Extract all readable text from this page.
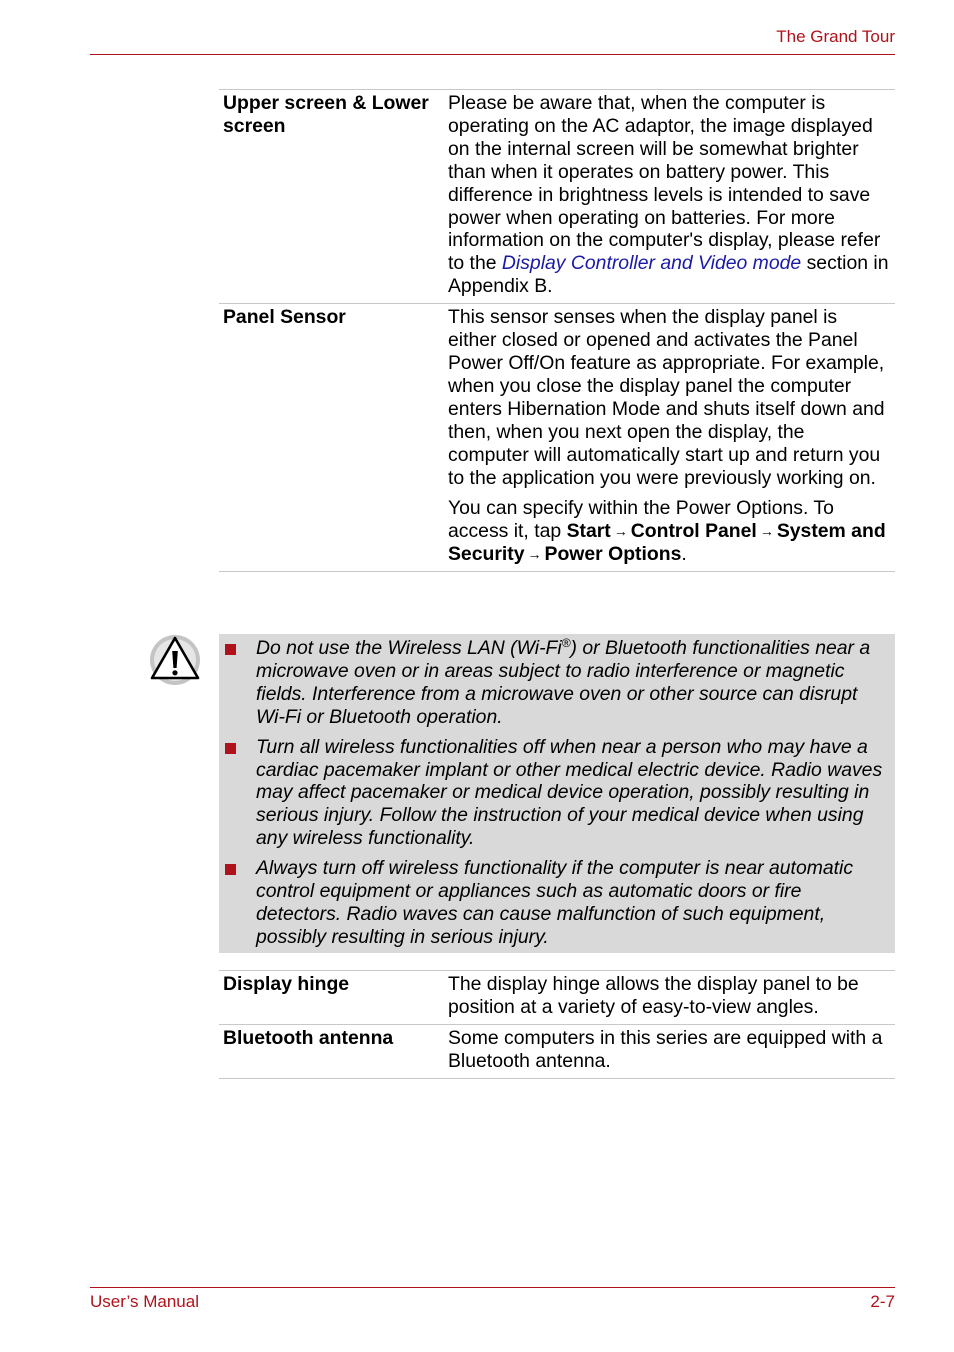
The Grand Tour
Upper screen & Lower screen	Please be aware that, when the computer is operating on the AC adaptor, the image displayed on the internal screen will be somewhat brighter than when it operates on battery power. This difference in brightness levels is intended to save power when operating on batteries. For more information on the computer's display, please refer to the Display Controller and Video mode section in Appendix B.

Panel Sensor	This sensor senses when the display panel is either closed or opened and activates the Panel Power Off/On feature as appropriate. For example, when you close the display panel the computer enters Hibernation Mode and shuts itself down and then, when you next open the display, the computer will automatically start up and return you to the application you were previously working on.

You can specify within the Power Options. To access it, tap Start → Control Panel → System and Security → Power Options.

Do not use the Wireless LAN (Wi-Fi®) or Bluetooth functionalities near a microwave oven or in areas subject to radio interference or magnetic fields. Interference from a microwave oven or other source can disrupt Wi-Fi or Bluetooth operation.
Turn all wireless functionalities off when near a person who may have a cardiac pacemaker implant or other medical electric device. Radio waves may affect pacemaker or medical device operation, possibly resulting in serious injury. Follow the instruction of your medical device when using any wireless functionality.
Always turn off wireless functionality if the computer is near automatic control equipment or appliances such as automatic doors or fire detectors. Radio waves can cause malfunction of such equipment, possibly resulting in serious injury.
Display hinge	The display hinge allows the display panel to be position at a variety of easy-to-view angles.
Bluetooth antenna	Some computers in this series are equipped with a Bluetooth antenna.
User’s Manual	2-7
